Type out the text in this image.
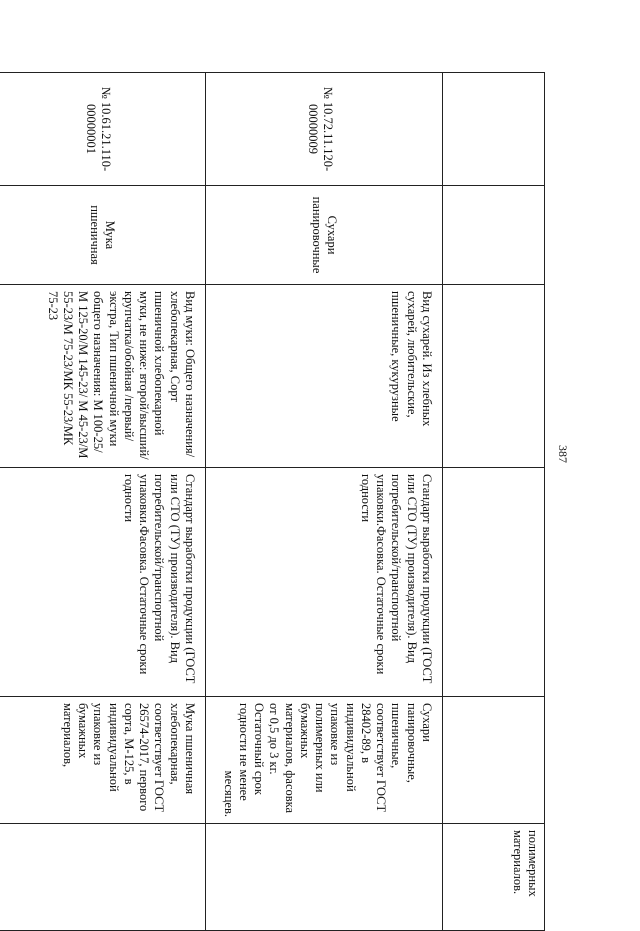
					полимерных материалов.
№ 10.72.11.120-00000009	Сухари панировочные	Вид сухарей. Из хлебных сухарей, любительские, пшеничные, кукурузные	Стандарт выработки продукции (ГОСТ или СТО (ТУ) производителя). Вид потребительской/транспортной упаковки.Фасовка. Остаточные сроки годности	Сухари панировочные, пшеничные, соответствует ГОСТ 28402-89, в индивидуальной упаковке из полимерных или бумажных материалов, фасовка от 0,5 до 3 кг. Остаточный срок годности не менее
месяцев.	

№ 10.61.21.110-00000001	Мука пшеничная	Вид муки: Общего назначения/хлебопекарная, Сорт пшеничной хлебопекарной муки, не ниже: второй/высший/крупчатка/обойная /первый/экстра, Тип пшеничной муки общего назначения: М 100-25/М 125-20/М 145-23/ М 45-23/М 55-23/М 75-23/МК 55-23/МК 75-23	Стандарт выработки продукции (ГОСТ или СТО (ТУ) производителя). Вид потребительской/транспортной упаковки.Фасовка. Остаточные сроки годности	Мука пшеничная хлебопекарная, соответствует ГОСТ 26574-2017, первого сорта, М-125, в индивидуальной упаковке из бумажных материалов,	
387
